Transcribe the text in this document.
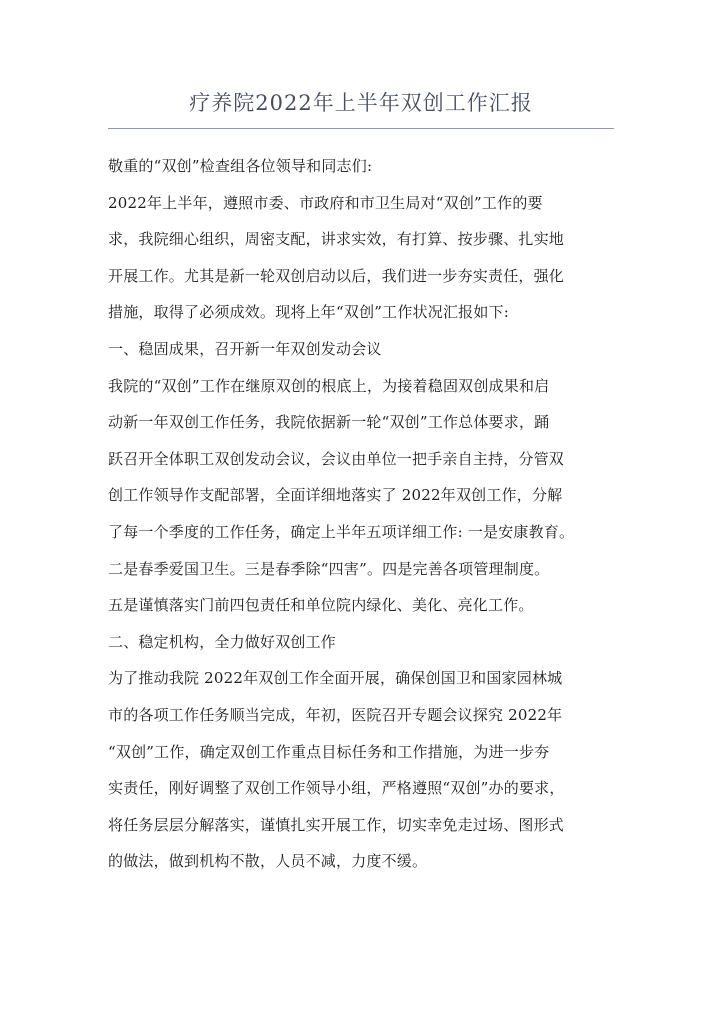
疗养院2022年上半年双创工作汇报
敬重的“双创”检查组各位领导和同志们:
2022年上半年，遵照市委、市政府和市卫生局对“双创”工作的要
求，我院细心组织，周密支配，讲求实效，有打算、按步骤、扎实地
开展工作。尤其是新一轮双创启动以后，我们进一步夯实责任，强化
措施，取得了必须成效。现将上年“双创”工作状况汇报如下:
一、稳固成果，召开新一年双创发动会议
我院的“双创”工作在继原双创的根底上，为接着稳固双创成果和启
动新一年双创工作任务，我院依据新一轮“双创”工作总体要求，踊
跃召开全体职工双创发动会议，会议由单位一把手亲自主持，分管双
创工作领导作支配部署，全面详细地落实了 2022年双创工作，分解
了每一个季度的工作任务，确定上半年五项详细工作: 一是安康教育。
二是春季爱国卫生。三是春季除“四害”。四是完善各项管理制度。
五是谨慎落实门前四包责任和单位院内绿化、美化、亮化工作。
二、稳定机构，全力做好双创工作
为了推动我院 2022年双创工作全面开展，确保创国卫和国家园林城
市的各项工作任务顺当完成，年初，医院召开专题会议探究 2022年
“双创”工作，确定双创工作重点目标任务和工作措施，为进一步夯
实责任，刚好调整了双创工作领导小组，严格遵照“双创”办的要求，
将任务层层分解落实，谨慎扎实开展工作，切实幸免走过场、图形式
的做法，做到机构不散，人员不减，力度不缓。
